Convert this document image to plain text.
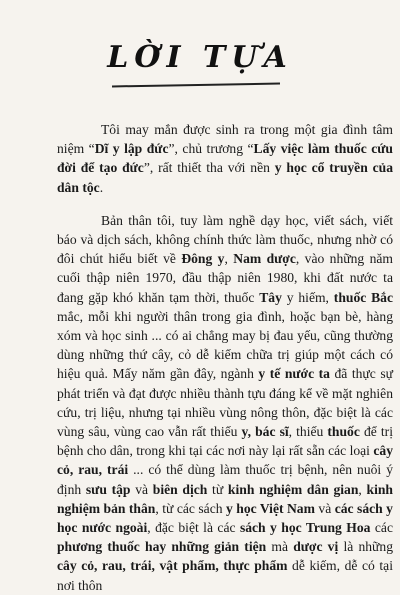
LỜI TỰA

Tôi may mắn được sinh ra trong một gia đình tâm niệm “Dĩ y lập đức”, chủ trương “Lấy việc làm thuốc cứu đời để tạo đức”, rất thiết tha với nền y học cổ truyền của dân tộc.

Bản thân tôi, tuy làm nghề dạy học, viết sách, viết báo và dịch sách, không chính thức làm thuốc, nhưng nhờ có đôi chút hiểu biết về Đông y, Nam dược, vào những năm cuối thập niên 1970, đầu thập niên 1980, khi đất nước ta đang gặp khó khăn tạm thời, thuốc Tây y hiếm, thuốc Bắc mắc, mỗi khi người thân trong gia đình, hoặc bạn bè, hàng xóm và học sinh ... có ai chẳng may bị đau yếu, cũng thường dùng những thứ cây, cỏ dễ kiếm chữa trị giúp một cách có hiệu quả. Mấy năm gần đây, ngành y tế nước ta đã thực sự phát triển và đạt được nhiều thành tựu đáng kể về mặt nghiên cứu, trị liệu, nhưng tại nhiều vùng nông thôn, đặc biệt là các vùng sâu, vùng cao vẫn rất thiếu y, bác sĩ, thiếu thuốc để trị bệnh cho dân, trong khi tại các nơi này lại rất sẵn các loại cây cỏ, rau, trái ... có thể dùng làm thuốc trị bệnh, nên nuôi ý định sưu tập và biên dịch từ kinh nghiệm dân gian, kinh nghiệm bản thân, từ các sách y học Việt Nam và các sách y học nước ngoài, đặc biệt là các sách y học Trung Hoa các phương thuốc hay những giản tiện mà dược vị là những cây cỏ, rau, trái, vật phẩm, thực phẩm dễ kiếm, dễ có tại nơi thôn
